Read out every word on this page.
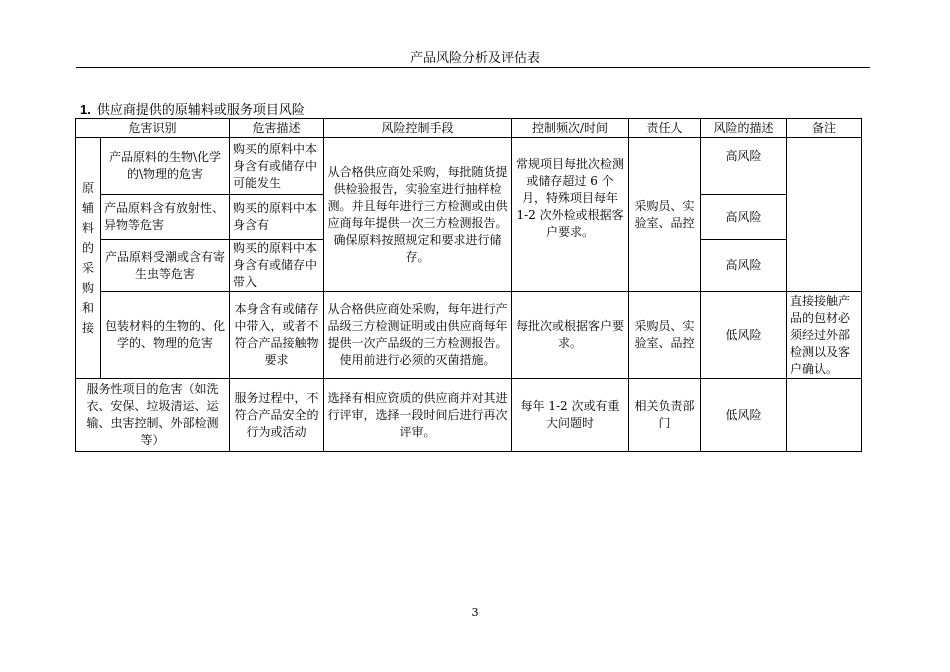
产品风险分析及评估表
1. 供应商提供的原辅料或服务项目风险
危害识别		危害描述	风险控制手段	控制频次/时间	责任人	风险的描述	备注

原辅料的采购和接	产品原料的生物\化学的\物理的危害	购买的原料中本身含有或储存中可能发生	从合格供应商处采购，每批随货提供检验报告，实验室进行抽样检测。并且每年进行三方检测或由供应商每年提供一次三方检测报告。确保原料按照规定和要求进行储存。	常规项目每批次检测或储存超过 6 个月，特殊项目每年 1-2 次外检或根据客户要求。	采购员、实验室、品控	高风险	
	产品原料含有放射性、异物等危害	购买的原料中本身含有				高风险	
	产品原料受潮或含有寄生虫等危害	购买的原料中本身含有或储存中带入				高风险	
	包装材料的生物的、化学的、物理的危害	本身含有或储存中带入，或者不符合产品接触物要求	从合格供应商处采购，每年进行产品级三方检测证明或由供应商每年提供一次产品级的三方检测报告。使用前进行必须的灭菌措施。	每批次或根据客户要求。	采购员、实验室、品控	低风险	直接接触产品的包材必须经过外部检测以及客户确认。
服务性项目的危害（如洗衣、安保、垃圾清运、运输、虫害控制、外部检测等）		服务过程中，不符合产品安全的行为或活动	选择有相应资质的供应商并对其进行评审，选择一段时间后进行再次评审。	每年 1-2 次或有重大问题时	相关负责部门	低风险	
3
